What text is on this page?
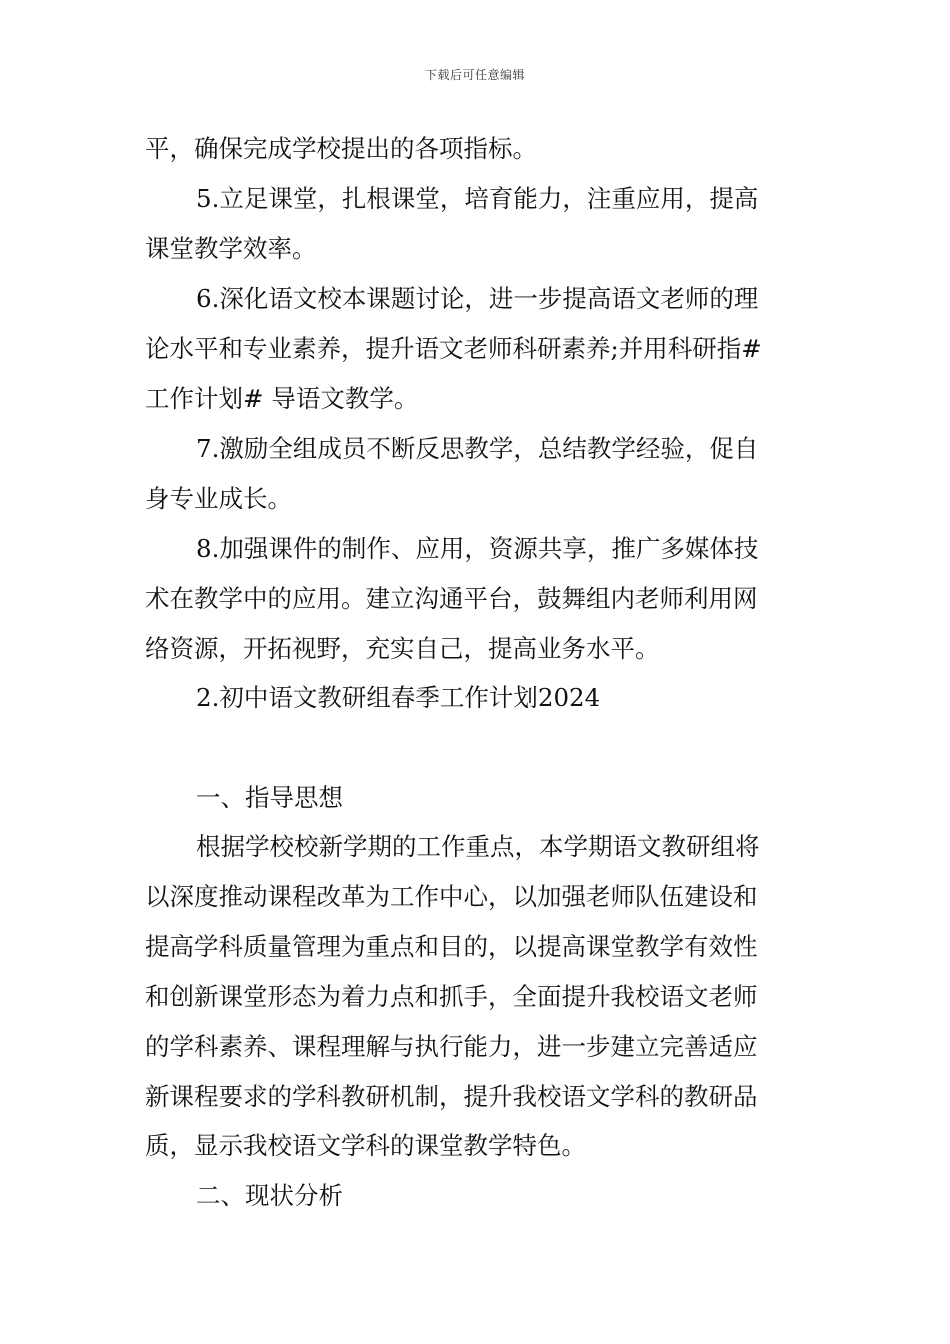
下载后可任意编辑
平，确保完成学校提出的各项指标。
5.立足课堂，扎根课堂，培育能力，注重应用，提高
课堂教学效率。
6.深化语文校本课题讨论，进一步提高语文老师的理
论水平和专业素养，提升语文老师科研素养;并用科研指#
工作计划# 导语文教学。
7.激励全组成员不断反思教学，总结教学经验，促自
身专业成长。
8.加强课件的制作、应用，资源共享，推广多媒体技
术在教学中的应用。建立沟通平台，鼓舞组内老师利用网
络资源，开拓视野，充实自己，提高业务水平。
2.初中语文教研组春季工作计划2024
一、指导思想
根据学校校新学期的工作重点，本学期语文教研组将
以深度推动课程改革为工作中心，以加强老师队伍建设和
提高学科质量管理为重点和目的，以提高课堂教学有效性
和创新课堂形态为着力点和抓手，全面提升我校语文老师
的学科素养、课程理解与执行能力，进一步建立完善适应
新课程要求的学科教研机制，提升我校语文学科的教研品
质，显示我校语文学科的课堂教学特色。
二、现状分析
